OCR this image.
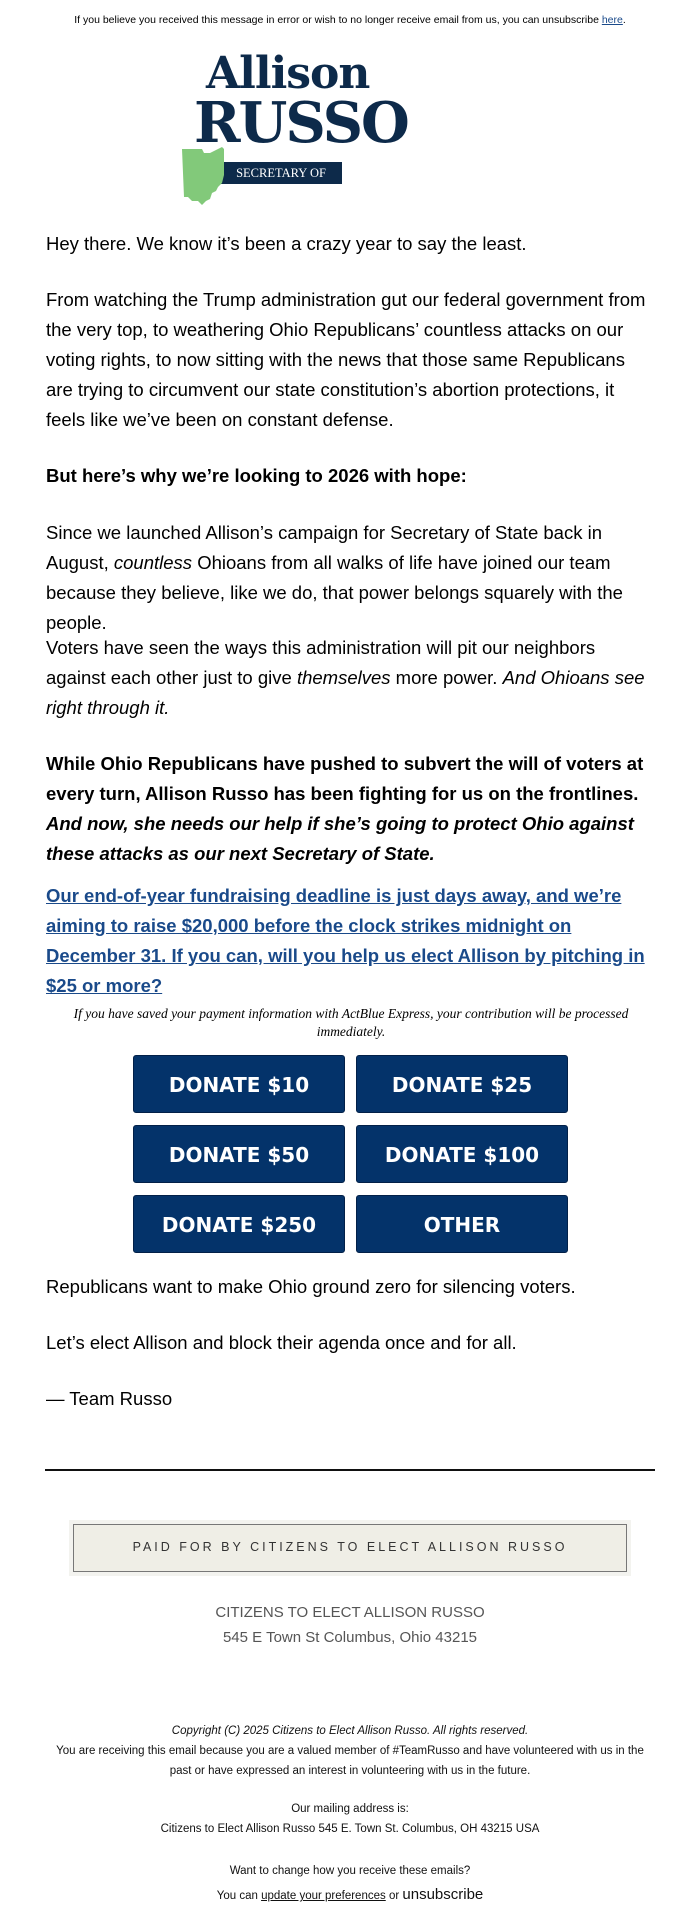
If you believe you received this message in error or wish to no longer receive email from us, you can unsubscribe here.
Allison
RUSSO
SECRETARY OF STATE

Hey there. We know it’s been a crazy year to say the least.

From watching the Trump administration gut our federal government from the very top, to weathering Ohio Republicans’ countless attacks on our voting rights, to now sitting with the news that those same Republicans are trying to circumvent our state constitution’s abortion protections, it feels like we’ve been on constant defense.

But here’s why we’re looking to 2026 with hope:

Since we launched Allison’s campaign for Secretary of State back in August, countless Ohioans from all walks of life have joined our team because they believe, like we do, that power belongs squarely with the people.

Voters have seen the ways this administration will pit our neighbors against each other just to give themselves more power. And Ohioans see right through it.

While Ohio Republicans have pushed to subvert the will of voters at every turn, Allison Russo has been fighting for us on the frontlines. And now, she needs our help if she’s going to protect Ohio against these attacks as our next Secretary of State.

Our end-of-year fundraising deadline is just days away, and we’re aiming to raise $20,000 before the clock strikes midnight on December 31. If you can, will you help us elect Allison by pitching in $25 or more?

If you have saved your payment information with ActBlue Express, your contribution will be processed immediately.
DONATE $10	DONATE $25
DONATE $50	DONATE $100
DONATE $250	OTHER

Republicans want to make Ohio ground zero for silencing voters.

Let’s elect Allison and block their agenda once and for all.

— Team Russo

PAID FOR BY CITIZENS TO ELECT ALLISON RUSSO
CITIZENS TO ELECT ALLISON RUSSO
545 E Town St Columbus, Ohio 43215
Copyright (C) 2025 Citizens to Elect Allison Russo. All rights reserved.
You are receiving this email because you are a valued member of #TeamRusso and have volunteered with us in the past or have expressed an interest in volunteering with us in the future.
Our mailing address is:
Citizens to Elect Allison Russo 545 E. Town St. Columbus, OH 43215 USA
Want to change how you receive these emails?
You can update your preferences or unsubscribe
